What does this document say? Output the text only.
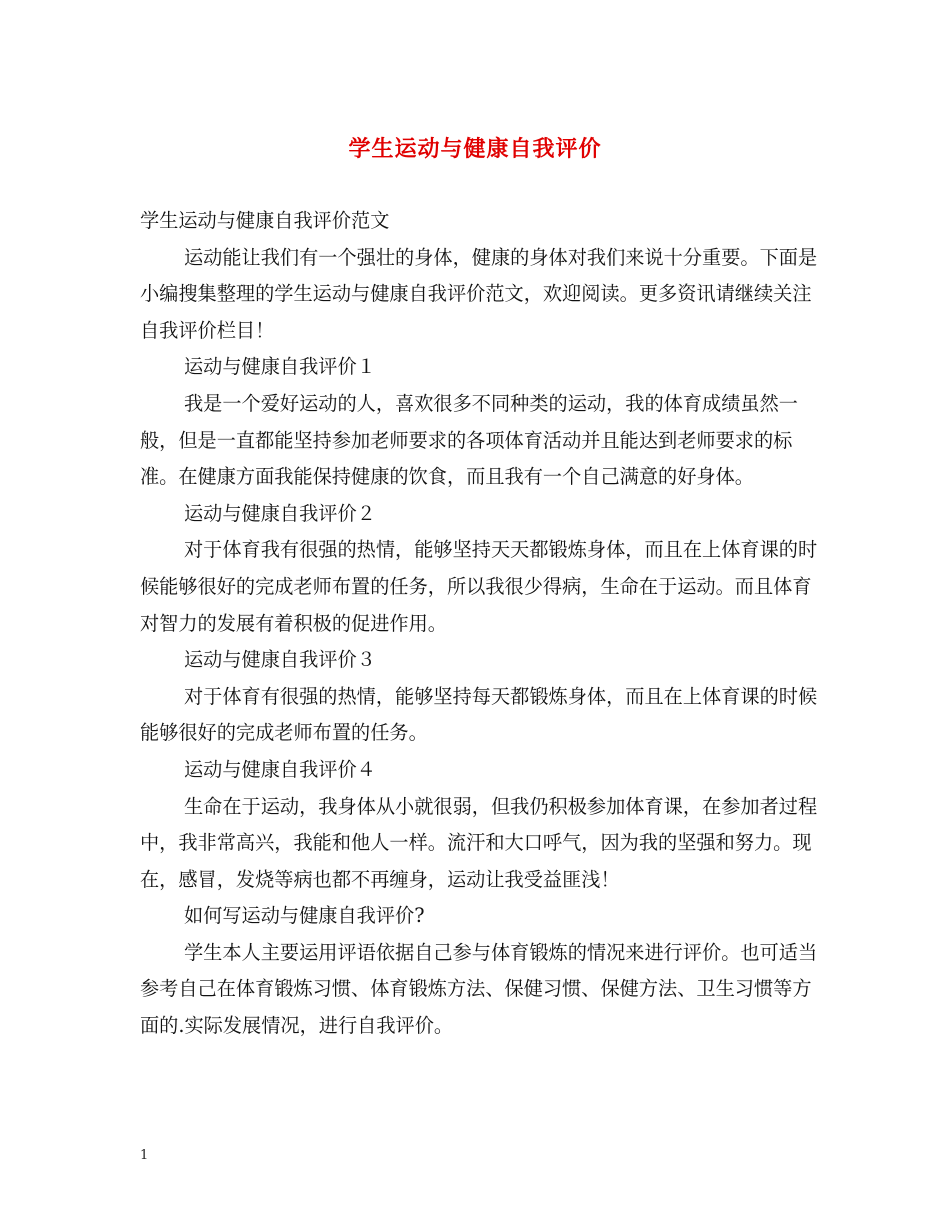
学生运动与健康自我评价

学生运动与健康自我评价范文

运动能让我们有一个强壮的身体，健康的身体对我们来说十分重要。下面是小编搜集整理的学生运动与健康自我评价范文，欢迎阅读。更多资讯请继续关注自我评价栏目！

运动与健康自我评价１

我是一个爱好运动的人，喜欢很多不同种类的运动，我的体育成绩虽然一般，但是一直都能坚持参加老师要求的各项体育活动并且能达到老师要求的标准。在健康方面我能保持健康的饮食，而且我有一个自己满意的好身体。

运动与健康自我评价２

对于体育我有很强的热情，能够坚持天天都锻炼身体，而且在上体育课的时候能够很好的完成老师布置的任务，所以我很少得病，生命在于运动。而且体育对智力的发展有着积极的促进作用。

运动与健康自我评价３

对于体育有很强的热情，能够坚持每天都锻炼身体，而且在上体育课的时候能够很好的完成老师布置的任务。

运动与健康自我评价４

生命在于运动，我身体从小就很弱，但我仍积极参加体育课，在参加者过程中，我非常高兴，我能和他人一样。流汗和大口呼气，因为我的坚强和努力。现在，感冒，发烧等病也都不再缠身，运动让我受益匪浅！

如何写运动与健康自我评价?

学生本人主要运用评语依据自己参与体育锻炼的情况来进行评价。也可适当参考自己在体育锻炼习惯、体育锻炼方法、保健习惯、保健方法、卫生习惯等方面的.实际发展情况，进行自我评价。

1
